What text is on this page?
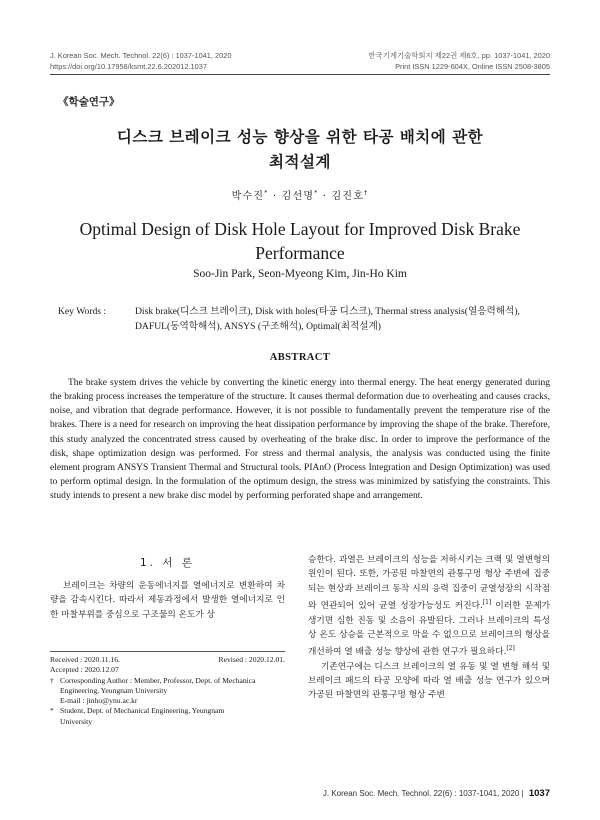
J. Korean Soc. Mech. Technol. 22(6) : 1037-1041, 2020
https://doi.org/10.17958/ksmt.22.6.202012.1037
한국기계기술학회지 제22권 제6호, pp. 1037-1041, 2020
Print ISSN 1229-604X, Online ISSN 2508-3805
《학술연구》
디스크 브레이크 성능 향상을 위한 타공 배치에 관한
최적설계
박수진* · 김선명* · 김진호†
Optimal Design of Disk Hole Layout for Improved Disk Brake
Performance
Soo-Jin Park, Seon-Myeong Kim, Jin-Ho Kim
Key Words :	Disk brake(디스크 브레이크), Disk with holes(타공 디스크), Thermal stress analysis(열응력해석), DAFUL(동역학해석), ANSYS (구조해석), Optimal(최적설계)
ABSTRACT
The brake system drives the vehicle by converting the kinetic energy into thermal energy. The heat energy generated during the braking process increases the temperature of the structure. It causes thermal deformation due to overheating and causes cracks, noise, and vibration that degrade performance. However, it is not possible to fundamentally prevent the temperature rise of the brakes. There is a need for research on improving the heat dissipation performance by improving the shape of the brake. Therefore, this study analyzed the concentrated stress caused by overheating of the brake disc. In order to improve the performance of the disk, shape optimization design was performed. For stress and thermal analysis, the analysis was conducted using the finite element program ANSYS Transient Thermal and Structural tools. PIAnO (Process Integration and Design Optimization) was used to perform optimal design. In the formulation of the optimum design, the stress was minimized by satisfying the constraints. This study intends to present a new brake disc model by performing perforated shape and arrangement.
1. 서 론
브레이크는 차량의 운동에너지를 열에너지로 변환하여 차량을 감속시킨다. 따라서 제동과정에서 발생한 열에너지로 인한 마찰부위를 중심으로 구조물의 온도가 상

승한다. 과열은 브레이크의 성능을 저하시키는 크랙 및 열변형의 원인이 된다. 또한, 가공된 마찰면의 관통구멍 형상 주변에 집중되는 현상과 브레이크 동작 시의 응력 집중이 균열성장의 시작점와 연관되어 있어 균열 성장가능성도 커진다.[1] 이러한 문제가 생기면 심한 진동 및 소음이 유발된다. 그러나 브레이크의 특성상 온도 상승을 근본적으로 막을 수 없으므로 브레이크의 형상을 개선하여 열 배출 성능 향상에 관한 연구가 필요하다.[2]

기존연구에는 디스크 브레이크의 열 유동 및 열 변형 해석 및 브레이크 패드의 타공 모양에 따라 열 배출 성능 연구가 있으며 가공된 마찰면의 관통구멍 형상 주변

Received : 2020.11.16.	Revised : 2020.12.01.
Accepted : 2020.12.07
† Corresponding Author : Member, Professor, Dept. of Mechanica
Engineering, Yeungnam University
E-mail : jinho@ynu.ac.kr
* Student, Dept. of Mechanical Engineering, Yeungnam
University
J. Korean Soc. Mech. Technol. 22(6) : 1037-1041, 2020 | 1037
